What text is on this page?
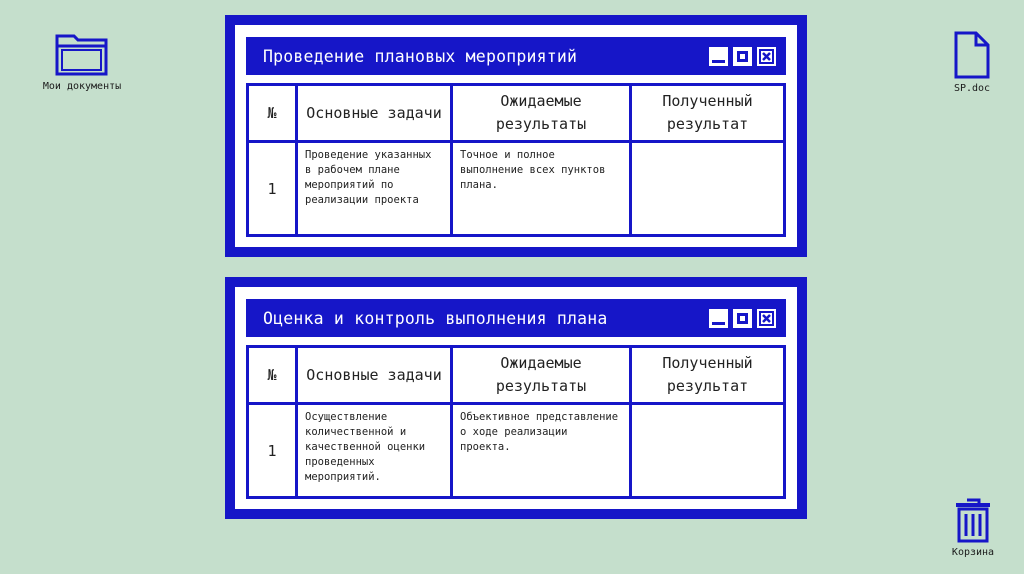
Мои документы	SP.doc
Корзина
Проведение плановых мероприятий
№	Основные задачи	Ожидаемые результаты	Полученный результат
1	Проведение указанных в рабочем плане мероприятий по реализации проекта	Точное и полное выполнение всех пунктов плана.	
Оценка и контроль выполнения плана
№	Основные задачи	Ожидаемые результаты	Полученный результат
1	Осуществление количественной и качественной оценки проведенных мероприятий.	Объективное представление о ходе реализации проекта.	
